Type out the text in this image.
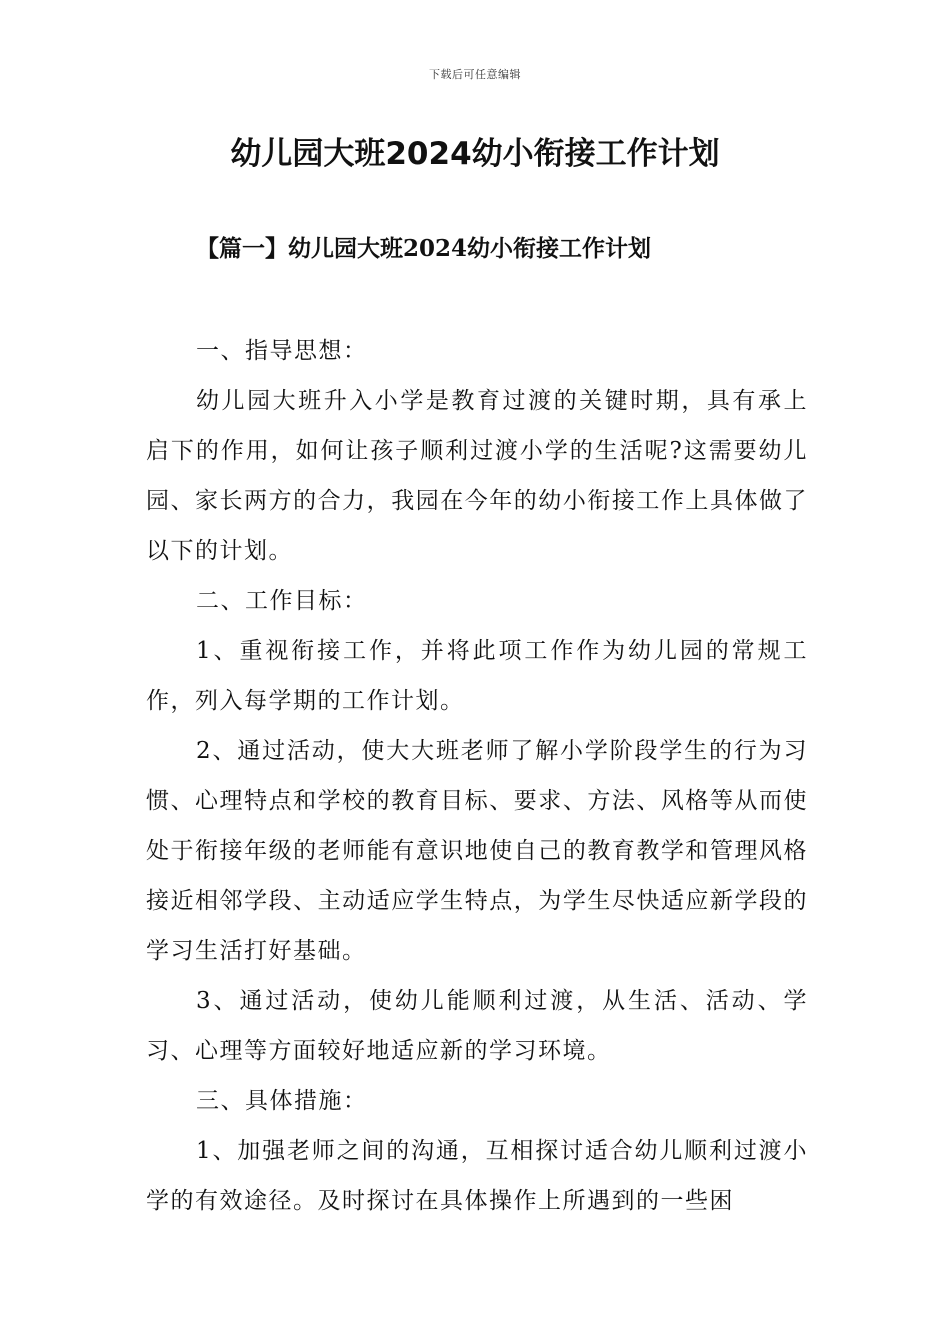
下载后可任意编辑
幼儿园大班2024幼小衔接工作计划
【篇一】幼儿园大班2024幼小衔接工作计划

一、指导思想：

幼儿园大班升入小学是教育过渡的关键时期，具有承上启下的作用，如何让孩子顺利过渡小学的生活呢?这需要幼儿园、家长两方的合力，我园在今年的幼小衔接工作上具体做了以下的计划。

二、工作目标：

1、重视衔接工作，并将此项工作作为幼儿园的常规工作，列入每学期的工作计划。

2、通过活动，使大大班老师了解小学阶段学生的行为习惯、心理特点和学校的教育目标、要求、方法、风格等从而使处于衔接年级的老师能有意识地使自己的教育教学和管理风格接近相邻学段、主动适应学生特点，为学生尽快适应新学段的学习生活打好基础。

3、通过活动，使幼儿能顺利过渡，从生活、活动、学习、心理等方面较好地适应新的学习环境。

三、具体措施：

1、加强老师之间的沟通，互相探讨适合幼儿顺利过渡小学的有效途径。及时探讨在具体操作上所遇到的一些困
